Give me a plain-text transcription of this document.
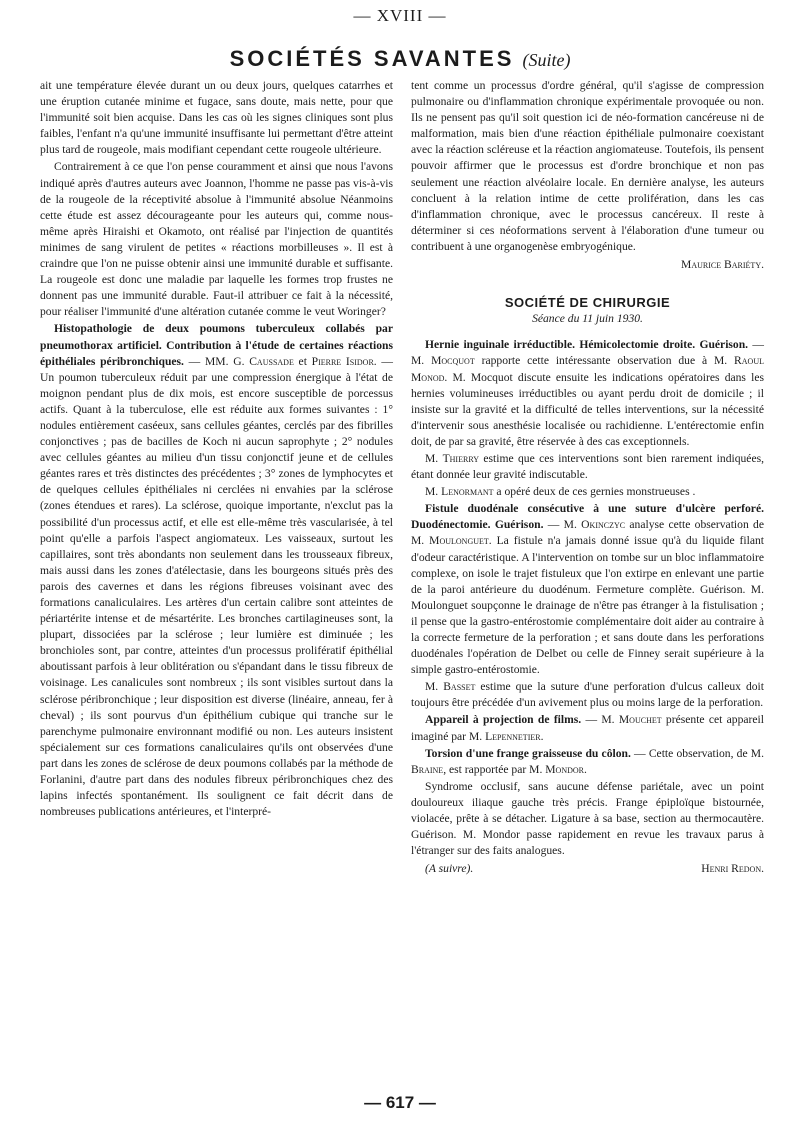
— XVIII —
SOCIÉTÉS SAVANTES (Suite)

ait une température élevée durant un ou deux jours, quelques catarrhes et une éruption cutanée minime et fugace, sans doute, mais nette, pour que l'immunité soit bien acquise. Dans les cas où les signes cliniques sont plus faibles, l'enfant n'a qu'une immunité insuffisante lui permettant d'être atteint plus tard de rougeole, mais modifiant cependant cette rougeole ultérieure.

Contrairement à ce que l'on pense couramment et ainsi que nous l'avons indiqué après d'autres auteurs avec Joannon, l'homme ne passe pas vis-à-vis de la rougeole de la réceptivité absolue à l'immunité absolue Néanmoins cette étude est assez décourageante pour les auteurs qui, comme nous-même après Hiraishi et Okamoto, ont réalisé par l'injection de quantités minimes de sang virulent de petites « réactions morbilleuses ». Il est à craindre que l'on ne puisse obtenir ainsi une immunité durable et suffisante. La rougeole est donc une maladie par laquelle les formes trop frustes ne donnent pas une immunité durable. Faut-il attribuer ce fait à la nécessité, pour réaliser l'immunité d'une altération cutanée comme le veut Woringer?

Histopathologie de deux poumons tuberculeux collabés par pneumothorax artificiel. Contribution à l'étude de certaines réactions épithéliales péribronchiques. — MM. G. Caussade et Pierre Isidor. — Un poumon tuberculeux réduit par une compression énergique à l'état de moignon pendant plus de dix mois, est encore susceptible de porcessus actifs. Quant à la tuberculose, elle est réduite aux formes suivantes : 1° nodules entièrement caséeux, sans cellules géantes, cerclés par des fibrilles conjonctives ; pas de bacilles de Koch ni aucun saprophyte ; 2° nodules avec cellules géantes au milieu d'un tissu conjonctif jeune et de cellules géantes rares et très distinctes des précédentes ; 3° zones de lymphocytes et de quelques cellules épithéliales ni cerclées ni envahies par la sclérose (zones étendues et rares). La sclérose, quoique importante, n'exclut pas la possibilité d'un processus actif, et elle est elle-même très vascularisée, à tel point qu'elle a parfois l'aspect angiomateux. Les vaisseaux, surtout les capillaires, sont très abondants non seulement dans les trousseaux fibreux, mais aussi dans les zones d'atélectasie, dans les bourgeons situés près des parois des cavernes et dans les régions fibreuses voisinant avec des formations canaliculaires. Les artères d'un certain calibre sont atteintes de périartérite intense et de mésartérite. Les bronches cartilagineuses sont, la plupart, dissociées par la sclérose ; leur lumière est diminuée ; les bronchioles sont, par contre, atteintes d'un processus prolifératif épithélial aboutissant parfois à leur oblitération ou s'épandant dans le tissu fibreux de voisinage. Les canalicules sont nombreux ; ils sont visibles surtout dans la sclérose péribronchique ; leur disposition est diverse (linéaire, anneau, fer à cheval) ; ils sont pourvus d'un épithélium cubique qui tranche sur le parenchyme pulmonaire environnant modifié ou non. Les auteurs insistent spécialement sur ces formations canaliculaires qu'ils ont observées d'une part dans les zones de sclérose de deux poumons collabés par la méthode de Forlanini, d'autre part dans des nodules fibreux péribronchiques chez des lapins infectés spontanément. Ils soulignent ce fait décrit dans de nombreuses publications antérieures, et l'interpré-

tent comme un processus d'ordre général, qu'il s'agisse de compression pulmonaire ou d'inflammation chronique expérimentale provoquée ou non. Ils ne pensent pas qu'il soit question ici de néo-formation cancéreuse ni de malformation, mais bien d'une réaction épithéliale pulmonaire coexistant avec la réaction scléreuse et la réaction angiomateuse. Toutefois, ils pensent pouvoir affirmer que le processus est d'ordre bronchique et non pas seulement une réaction alvéolaire locale. En dernière analyse, les auteurs concluent à la relation intime de cette prolifération, dans les cas d'inflammation chronique, avec le processus cancéreux. Il reste à déterminer si ces néoformations servent à l'élaboration d'une tumeur ou contribuent à une organogenèse embryogénique.

Maurice Bariéty.
SOCIÉTÉ DE CHIRURGIE
Séance du 11 juin 1930.

Hernie inguinale irréductible. Hémicolectomie droite. Guérison. — M. Mocquot rapporte cette intéressante observation due à M. Raoul Monod. M. Mocquot discute ensuite les indications opératoires dans les hernies volumineuses irréductibles ou ayant perdu droit de domicile ; il insiste sur la gravité et la difficulté de telles interventions, sur la nécessité d'intervenir sous anesthésie localisée ou rachidienne. L'entérectomie enfin doit, de par sa gravité, être réservée à des cas exceptionnels.

M. Thierry estime que ces interventions sont bien rarement indiquées, étant donnée leur gravité indiscutable.

M. Lenormant a opéré deux de ces gernies monstrueuses .

Fistule duodénale consécutive à une suture d'ulcère perforé. Duodénectomie. Guérison. — M. Okinczyc analyse cette observation de M. Moulonguet. La fistule n'a jamais donné issue qu'à du liquide filant d'odeur caractéristique. A l'intervention on tombe sur un bloc inflammatoire complexe, on isole le trajet fistuleux que l'on extirpe en enlevant une partie de la paroi antérieure du duodénum. Fermeture complète. Guérison. M. Moulonguet soupçonne le drainage de n'être pas étranger à la fistulisation ; il pense que la gastro-entérostomie complémentaire doit aider au contraire à la correcte fermeture de la perforation ; et sans doute dans les perforations duodénales l'opération de Delbet ou celle de Finney serait supérieure à la simple gastro-entérostomie.

M. Basset estime que la suture d'une perforation d'ulcus calleux doit toujours être précédée d'un avivement plus ou moins large de la perforation.

Appareil à projection de films. — M. Mouchet présente cet appareil imaginé par M. Lepennetier.

Torsion d'une frange graisseuse du côlon. — Cette observation, de M. Braine, est rapportée par M. Mondor.

Syndrome occlusif, sans aucune défense pariétale, avec un point douloureux iliaque gauche très précis. Frange épiploïque bistournée, violacée, prête à se détacher. Ligature à sa base, section au thermocautère. Guérison. M. Mondor passe rapidement en revue les travaux parus à l'étranger sur des faits analogues.

(A suivre).	Henri Redon.
— 617 —
